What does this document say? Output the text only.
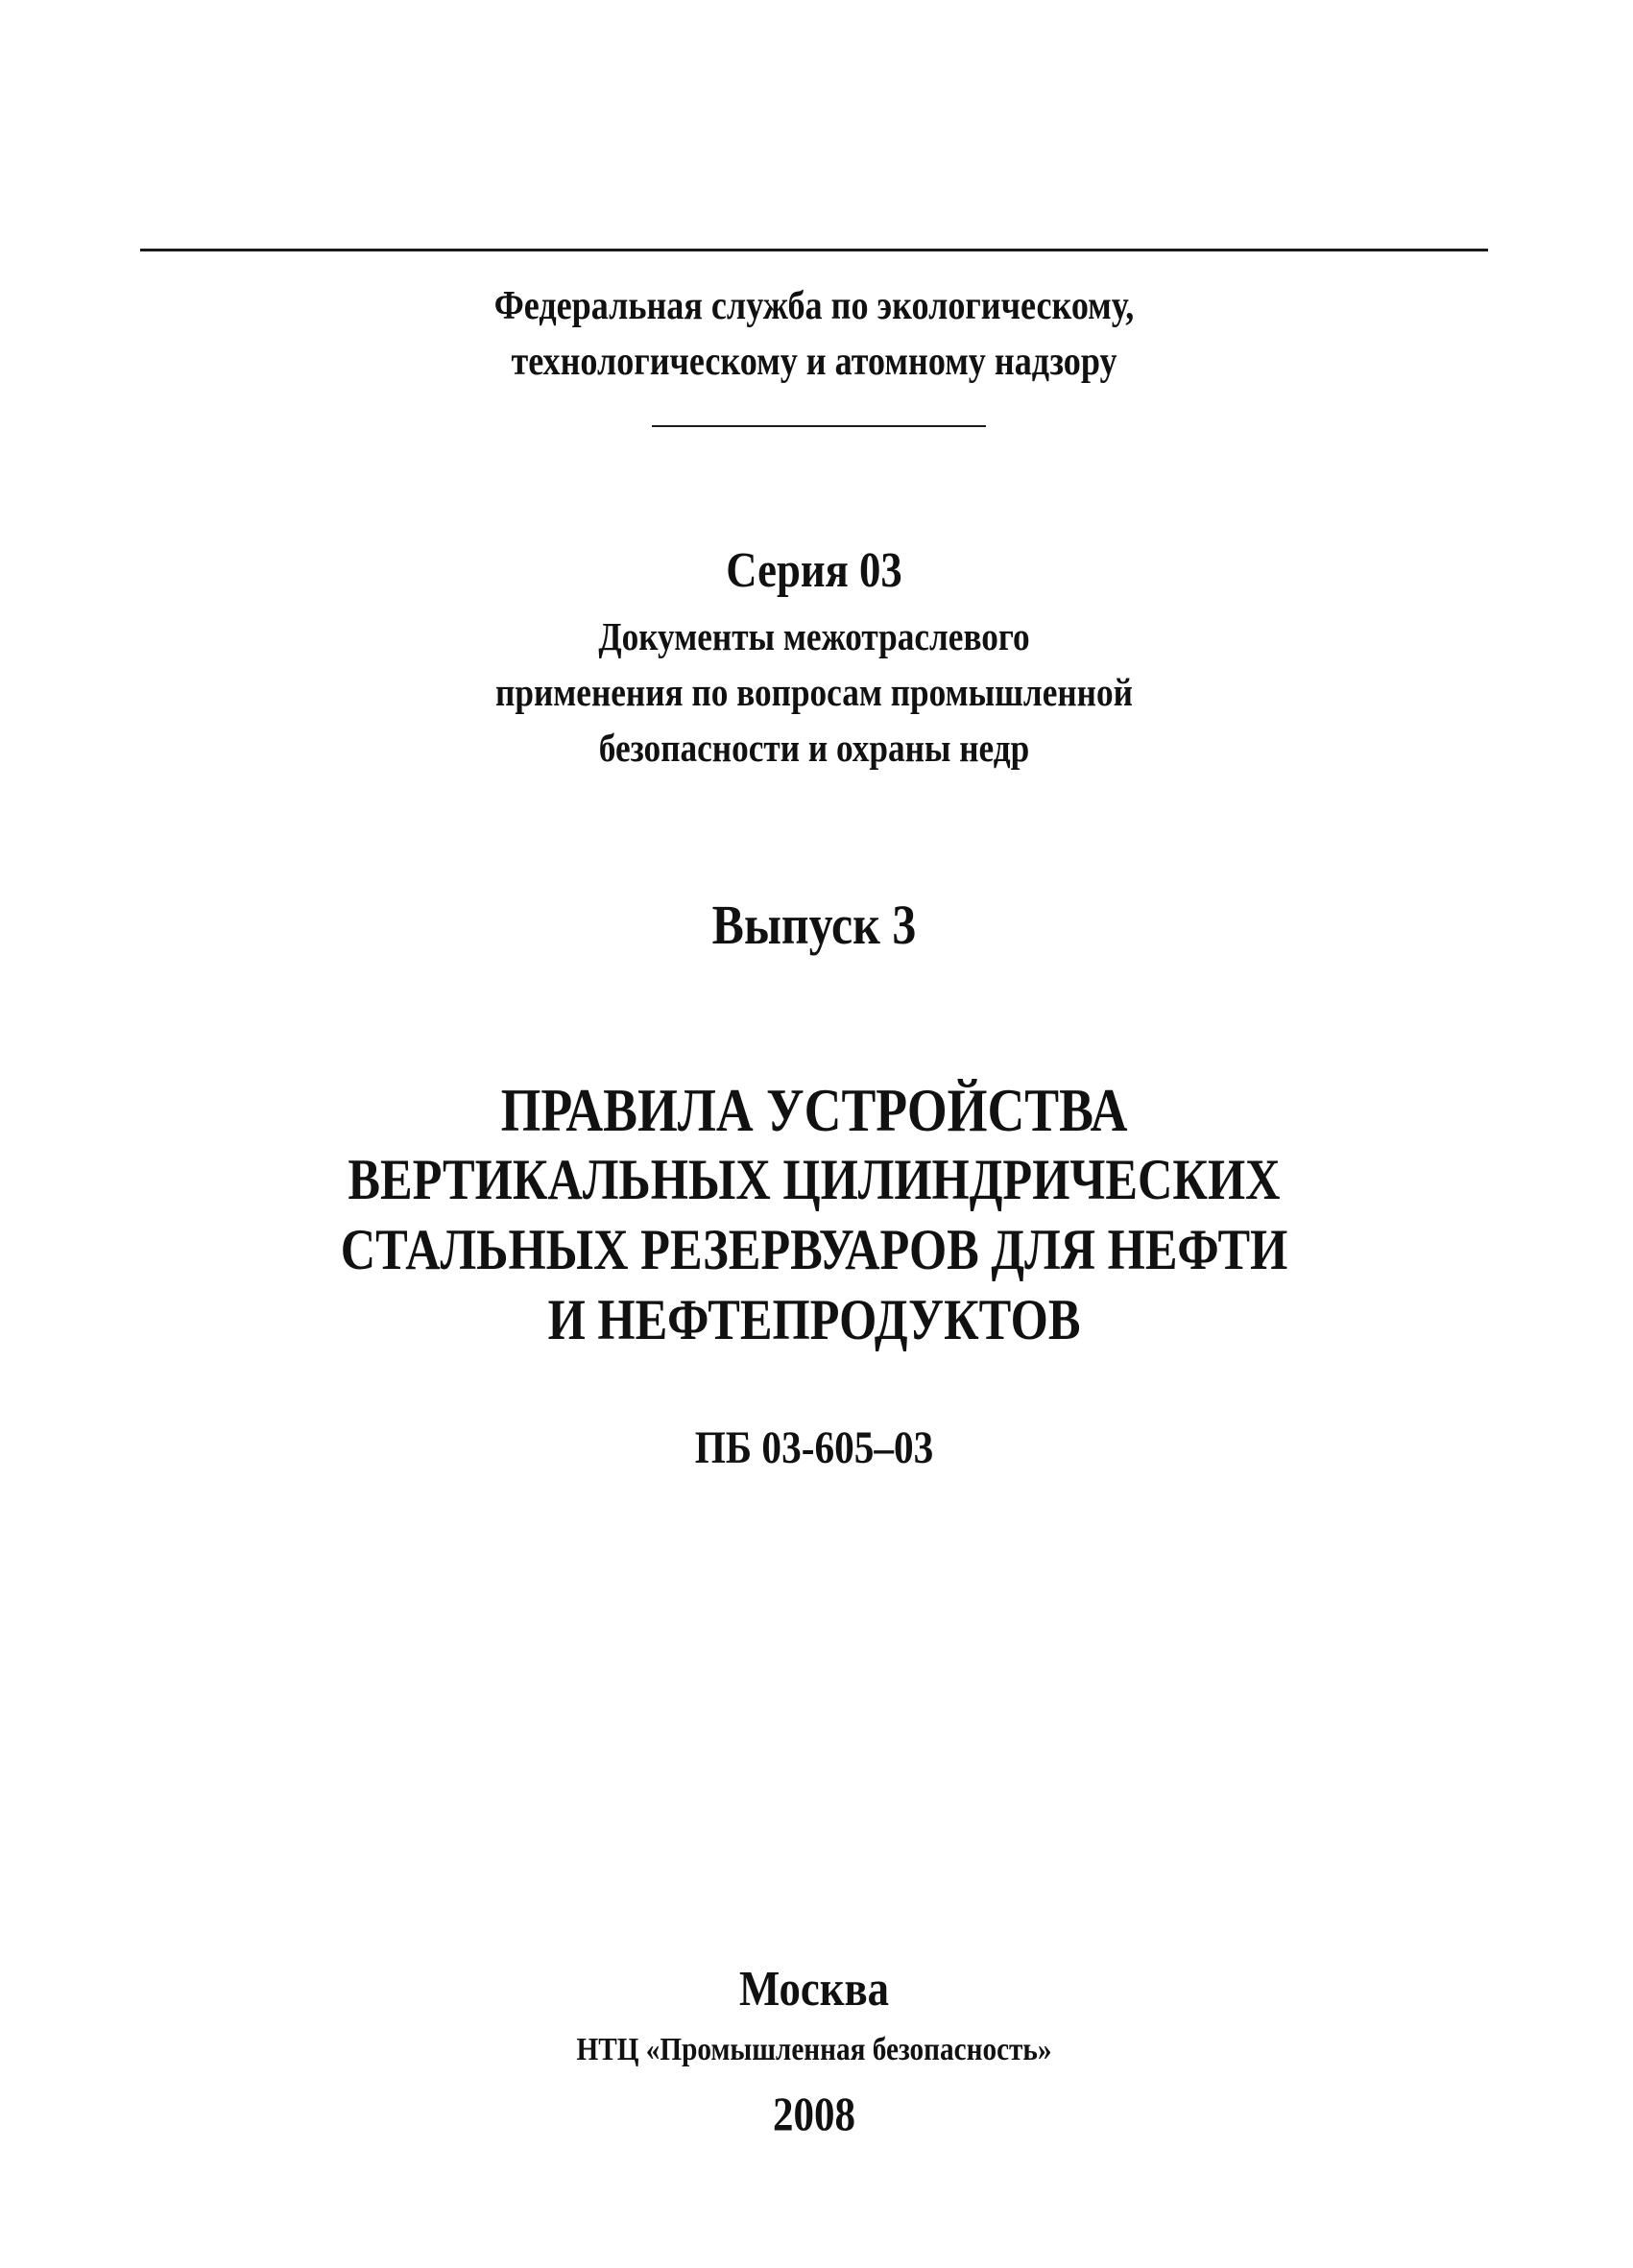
Федеральная служба по экологическому,
технологическому и атомному надзору
Серия 03
Документы межотраслевого
применения по вопросам промышленной
безопасности и охраны недр
Выпуск 3
ПРАВИЛА УСТРОЙСТВА
ВЕРТИКАЛЬНЫХ ЦИЛИНДРИЧЕСКИХ
СТАЛЬНЫХ РЕЗЕРВУАРОВ ДЛЯ НЕФТИ
И НЕФТЕПРОДУКТОВ
ПБ 03-605–03
Москва
НТЦ «Промышленная безопасность»
2008
